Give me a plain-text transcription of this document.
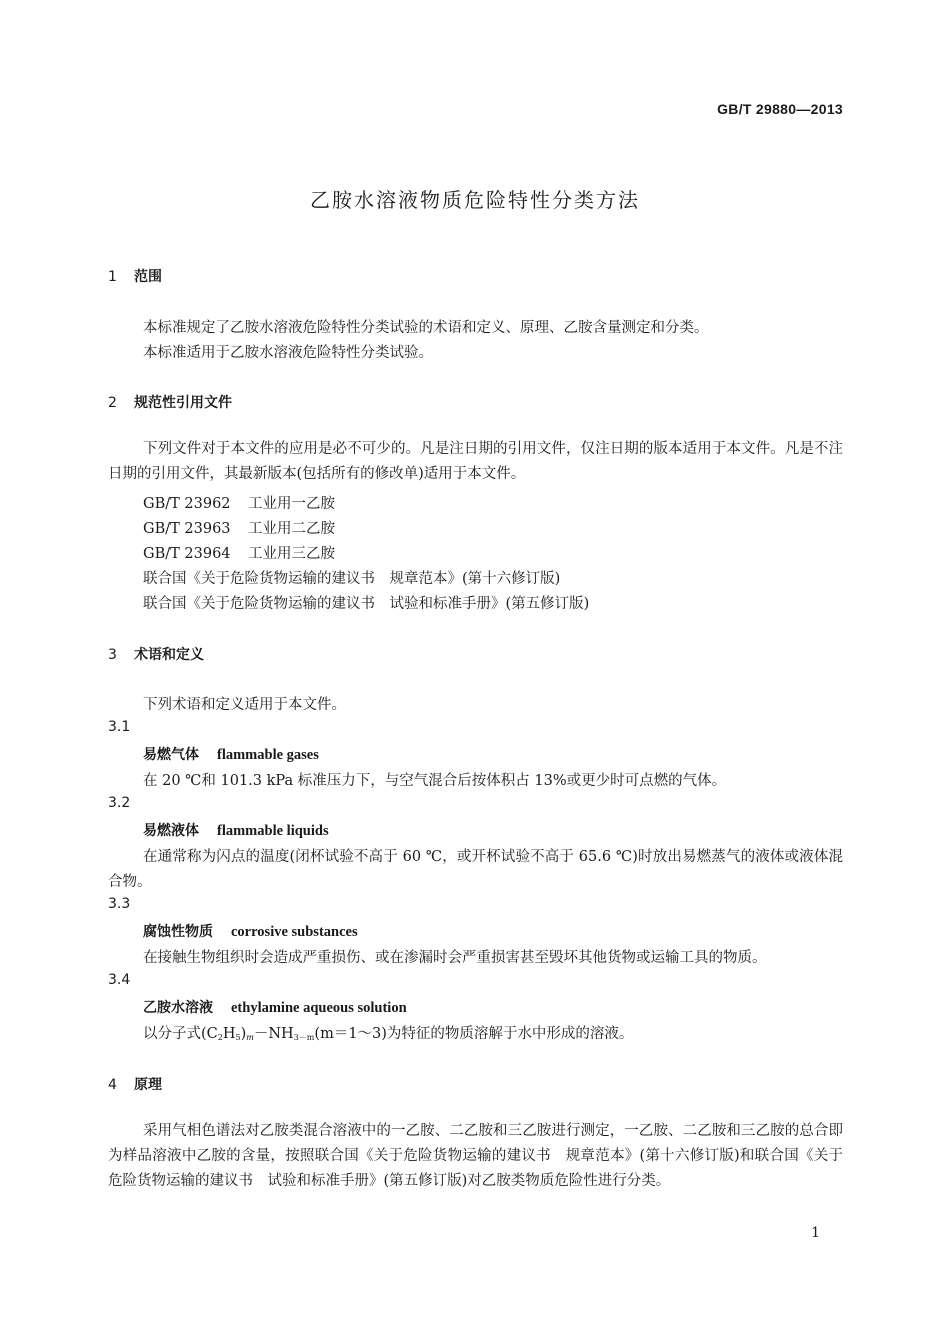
GB/T 29880—2013
乙胺水溶液物质危险特性分类方法
1 范围
本标准规定了乙胺水溶液危险特性分类试验的术语和定义、原理、乙胺含量测定和分类。
本标准适用于乙胺水溶液危险特性分类试验。
2 规范性引用文件
下列文件对于本文件的应用是必不可少的。凡是注日期的引用文件，仅注日期的版本适用于本文件。凡是不注日期的引用文件，其最新版本(包括所有的修改单)适用于本文件。
GB/T 23962 工业用一乙胺
GB/T 23963 工业用二乙胺
GB/T 23964 工业用三乙胺
联合国《关于危险货物运输的建议书　规章范本》(第十六修订版)
联合国《关于危险货物运输的建议书　试验和标准手册》(第五修订版)
3 术语和定义
下列术语和定义适用于本文件。
3.1
易燃气体 flammable gases
在 20 ℃和 101.3 kPa 标准压力下，与空气混合后按体积占 13%或更少时可点燃的气体。
3.2
易燃液体 flammable liquids
在通常称为闪点的温度(闭杯试验不高于 60 ℃，或开杯试验不高于 65.6 ℃)时放出易燃蒸气的液体或液体混合物。
3.3
腐蚀性物质 corrosive substances
在接触生物组织时会造成严重损伤、或在渗漏时会严重损害甚至毁坏其他货物或运输工具的物质。
3.4
乙胺水溶液 ethylamine aqueous solution
以分子式$(C_2H_5)_m-NH_{3-m}(m=1\sim 3)$为特征的物质溶解于水中形成的溶液。
4 原理
采用气相色谱法对乙胺类混合溶液中的一乙胺、二乙胺和三乙胺进行测定，一乙胺、二乙胺和三乙胺的总合即为样品溶液中乙胺的含量，按照联合国《关于危险货物运输的建议书　规章范本》(第十六修订版)和联合国《关于危险货物运输的建议书　试验和标准手册》(第五修订版)对乙胺类物质危险性进行分类。
1
